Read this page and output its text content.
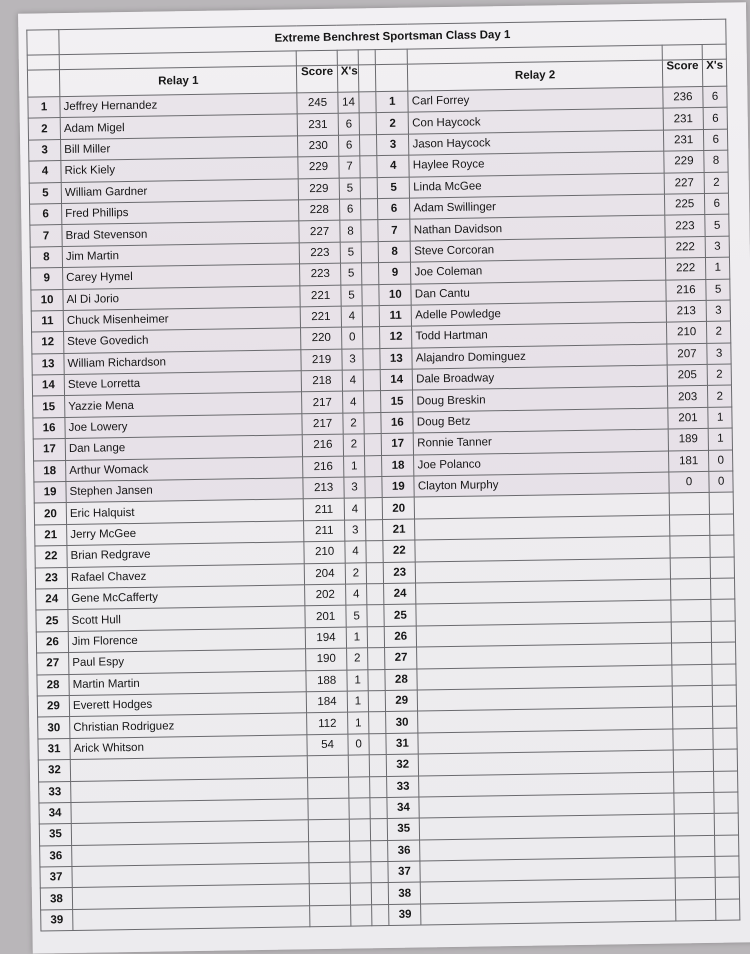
	Extreme Benchrest Sportsman Class Day 1							

	Relay 1	Score	X's			Relay 2	Score	X's
1	Jeffrey Hernandez	245	14		1	Carl Forrey	236	6
2	Adam Migel	231	6		2	Con Haycock	231	6
3	Bill Miller	230	6		3	Jason Haycock	231	6
4	Rick Kiely	229	7		4	Haylee Royce	229	8
5	William Gardner	229	5		5	Linda McGee	227	2
6	Fred Phillips	228	6		6	Adam Swillinger	225	6
7	Brad Stevenson	227	8		7	Nathan Davidson	223	5
8	Jim Martin	223	5		8	Steve Corcoran	222	3
9	Carey Hymel	223	5		9	Joe Coleman	222	1
10	Al Di Jorio	221	5		10	Dan Cantu	216	5
11	Chuck Misenheimer	221	4		11	Adelle Powledge	213	3
12	Steve Govedich	220	0		12	Todd Hartman	210	2
13	William Richardson	219	3		13	Alajandro Dominguez	207	3
14	Steve Lorretta	218	4		14	Dale Broadway	205	2
15	Yazzie Mena	217	4		15	Doug Breskin	203	2
16	Joe Lowery	217	2		16	Doug Betz	201	1
17	Dan Lange	216	2		17	Ronnie Tanner	189	1
18	Arthur Womack	216	1		18	Joe Polanco	181	0
19	Stephen Jansen	213	3		19	Clayton Murphy	0	0
20	Eric Halquist	211	4		20			
21	Jerry McGee	211	3		21			
22	Brian Redgrave	210	4		22			
23	Rafael Chavez	204	2		23			
24	Gene McCafferty	202	4		24			
25	Scott Hull	201	5		25			
26	Jim Florence	194	1		26			
27	Paul Espy	190	2		27			
28	Martin Martin	188	1		28			
29	Everett Hodges	184	1		29			
30	Christian Rodriguez	112	1		30			
31	Arick Whitson	54	0		31			
32					32			
33					33			
34					34			
35					35			
36					36			
37					37			
38					38			
39					39			
